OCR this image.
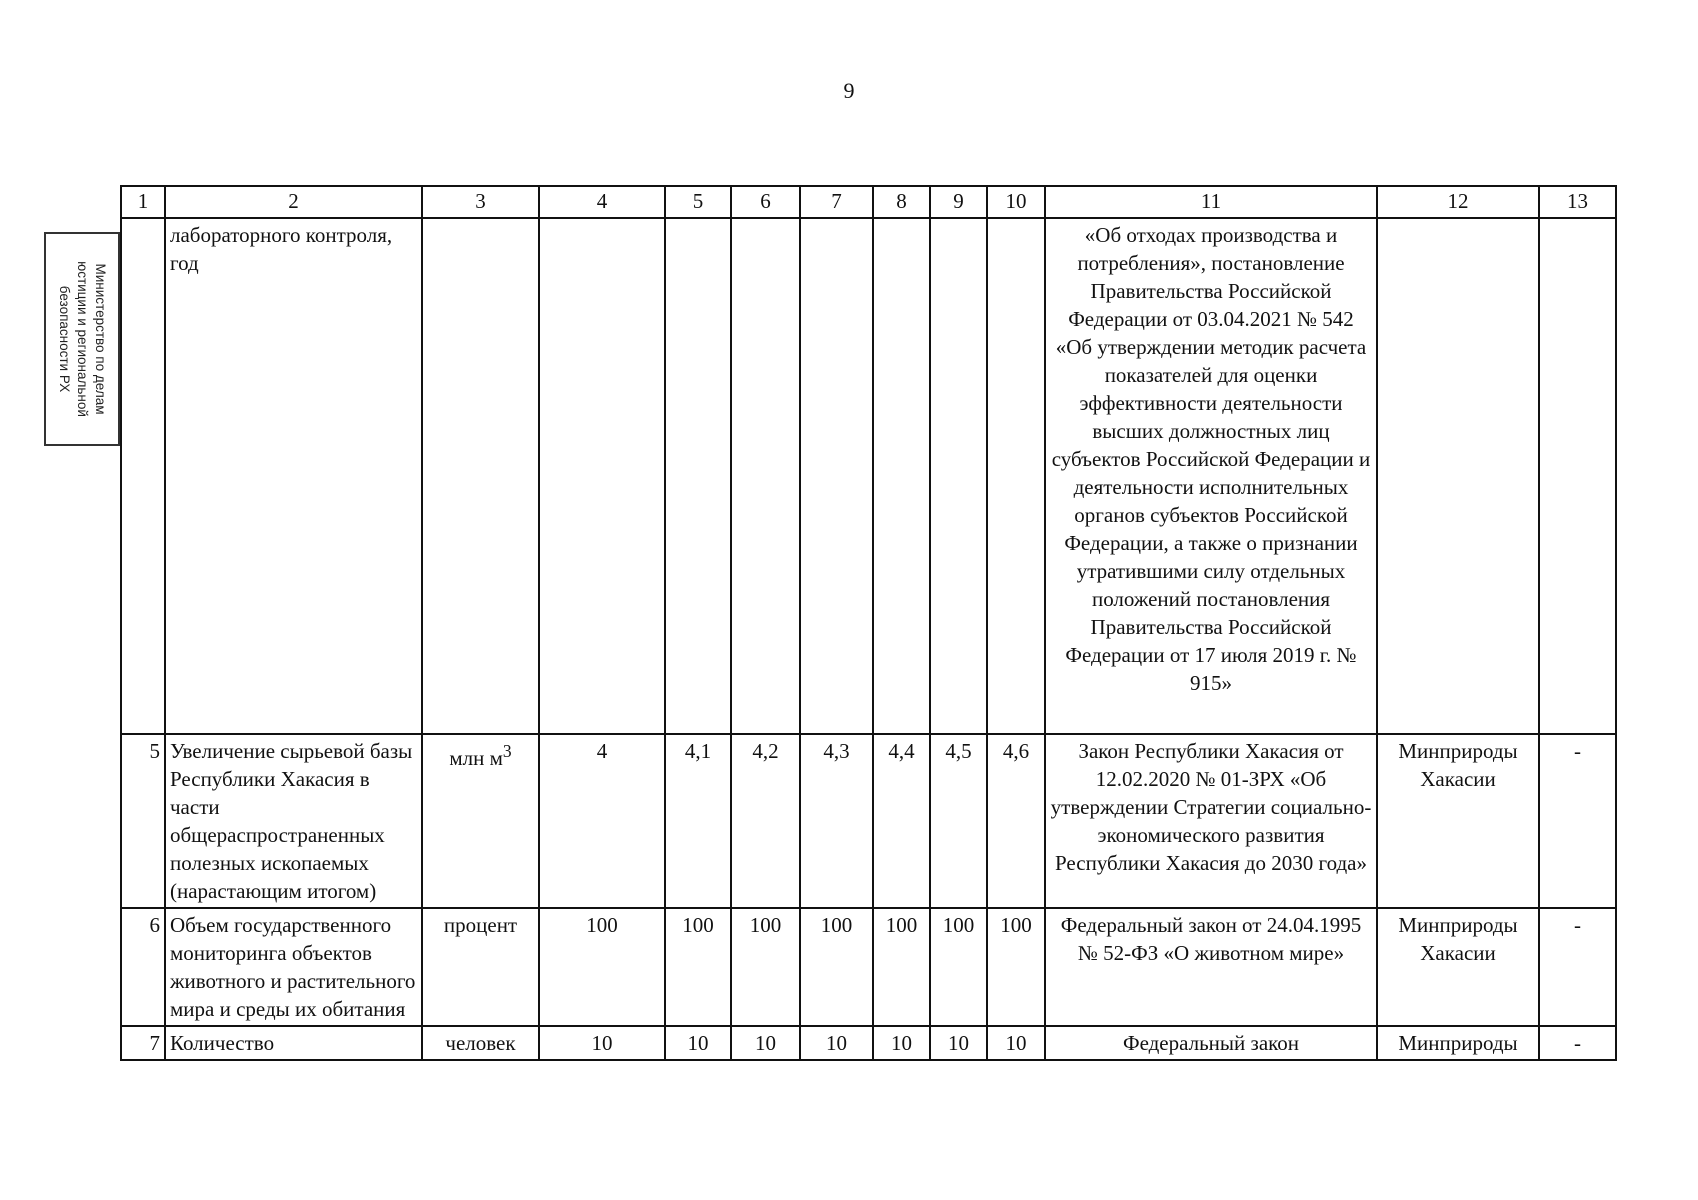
9
Министерство по делам
юстиции и региональной
безопасности РХ
1	2	3	4	5	6	7	8	9	10	11	12	13
	лабораторного контроля, год									«Об отходах производства и потребления», постановление Правительства Российской Федерации от 03.04.2021 № 542 «Об утверждении методик расчета показателей для оценки эффективности деятельности высших должностных лиц субъектов Российской Федерации и деятельности исполнительных органов субъектов Российской Федерации, а также о признании утратившими силу отдельных положений постановления Правительства Российской Федерации от 17 июля 2019 г. № 915»		
5	Увеличение сырьевой базы Республики Хакасия в части общераспространенных полезных ископаемых (нарастающим итогом)	млн $м^3$	4	4,1	4,2	4,3	4,4	4,5	4,6	Закон Республики Хакасия от 12.02.2020 № 01-ЗРХ «Об утверждении Стратегии социально-экономического развития Республики Хакасия до 2030 года»	Минприроды Хакасии	-
6	Объем государственного мониторинга объектов животного и растительного мира и среды их обитания	процент	100	100	100	100	100	100	100	Федеральный закон от 24.04.1995 № 52-ФЗ «О животном мире»	Минприроды Хакасии	-
7	Количество	человек	10	10	10	10	10	10	10	Федеральный закон	Минприроды	-
